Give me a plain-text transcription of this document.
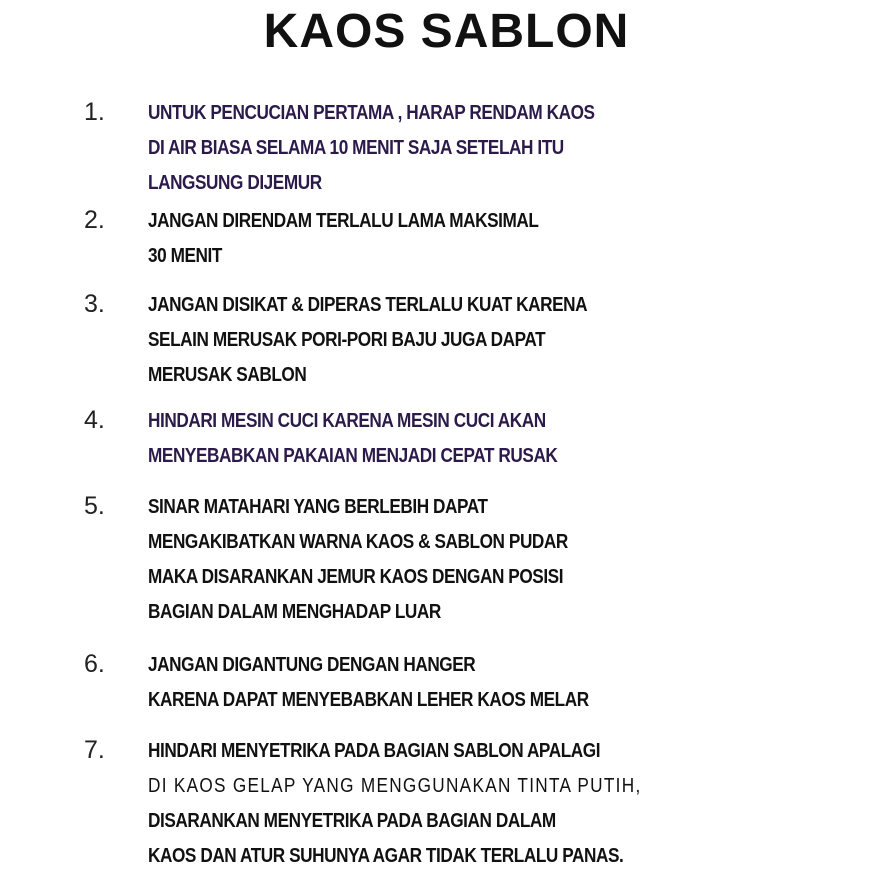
KAOS SABLON
1. UNTUK PENCUCIAN PERTAMA , HARAP RENDAM KAOS
DI AIR BIASA SELAMA 10 MENIT SAJA SETELAH ITU
LANGSUNG DIJEMUR
2. JANGAN DIRENDAM TERLALU LAMA MAKSIMAL
30 MENIT
3. JANGAN DISIKAT & DIPERAS TERLALU KUAT KARENA
SELAIN MERUSAK PORI-PORI BAJU JUGA DAPAT
MERUSAK SABLON
4. HINDARI MESIN CUCI KARENA MESIN CUCI AKAN
MENYEBABKAN PAKAIAN MENJADI CEPAT RUSAK
5. SINAR MATAHARI YANG BERLEBIH DAPAT
MENGAKIBATKAN WARNA KAOS & SABLON PUDAR
MAKA DISARANKAN JEMUR KAOS DENGAN POSISI
BAGIAN DALAM MENGHADAP LUAR
6. JANGAN DIGANTUNG DENGAN HANGER
KARENA DAPAT MENYEBABKAN LEHER KAOS MELAR
7. HINDARI MENYETRIKA PADA BAGIAN SABLON APALAGI
DI KAOS GELAP YANG MENGGUNAKAN TINTA PUTIH,
DISARANKAN MENYETRIKA PADA BAGIAN DALAM
KAOS DAN ATUR SUHUNYA AGAR TIDAK TERLALU PANAS.
